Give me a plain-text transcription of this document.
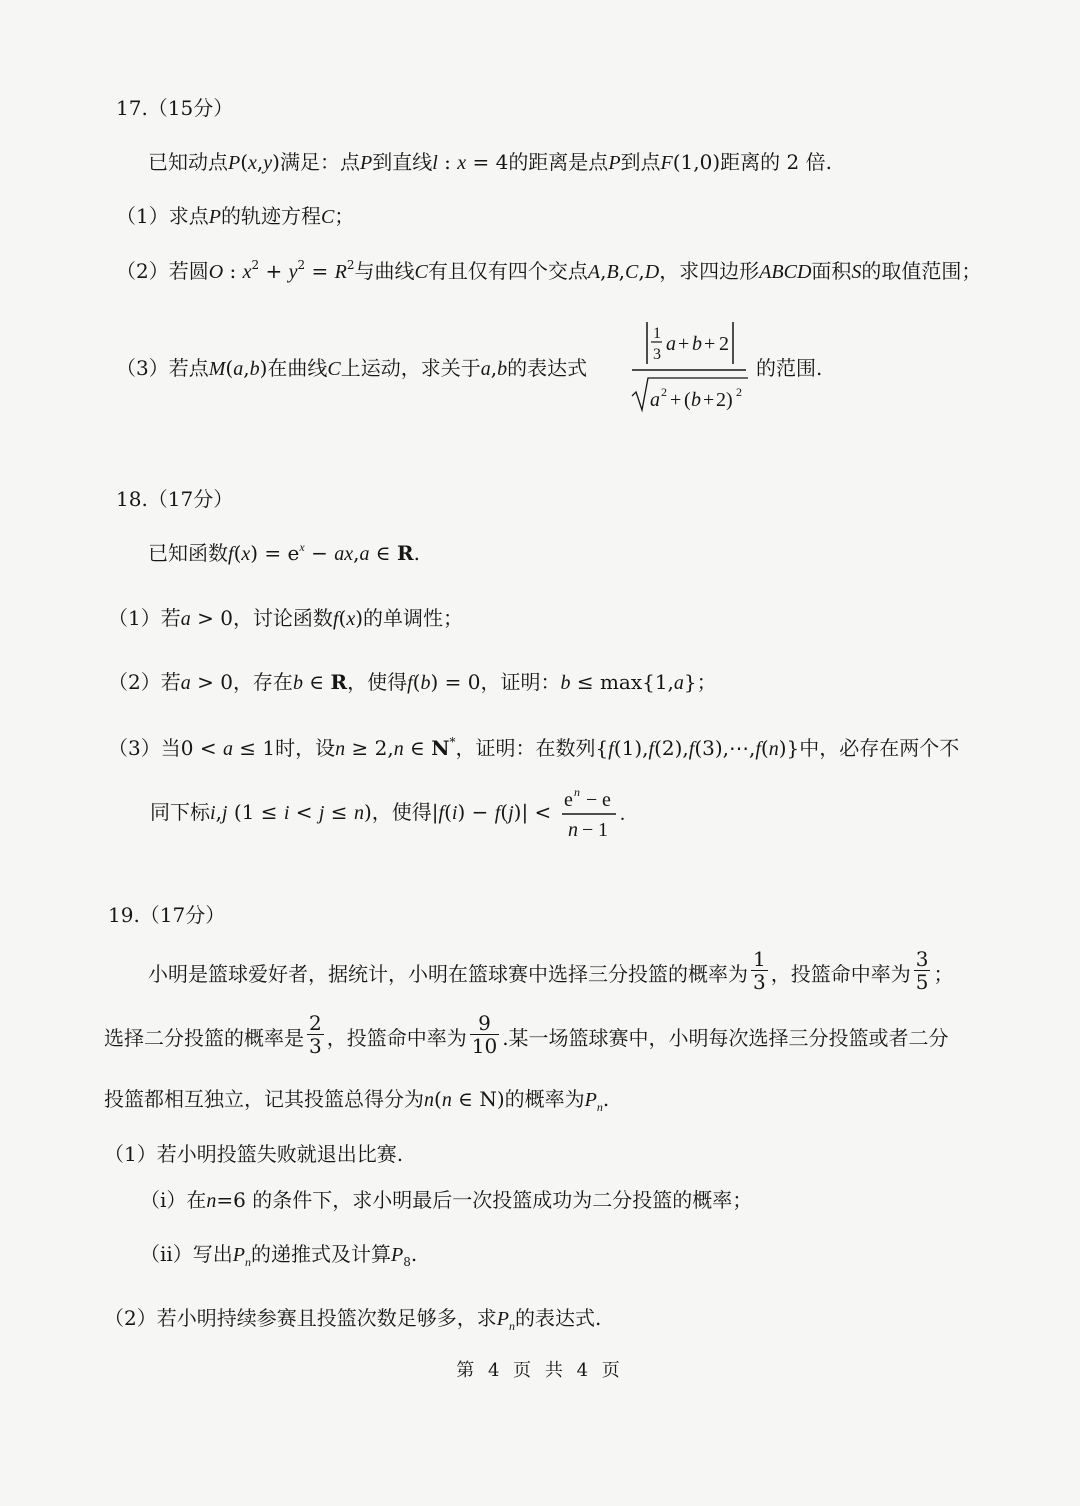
17.（15分）
已知动点P(x,y)满足：点P到直线l : x = 4的距离是点P到点F(1,0)距离的 2 倍.
（1）求点P的轨迹方程C；
（2）若圆O : $x^2 + y^2 = R^2$与曲线C有且仅有四个交点A,B,C,D，求四边形ABCD面积S的取值范围；
（3）若点M(a,b)在曲线C上运动，求关于a,b的表达式
1
3 a + b + 2
a 2 + ( b + 2) 2
的范围.
18.（17分）
已知函数$f(x) = e^x - ax,a$ ∈ R.
（1）若a > 0，讨论函数f(x)的单调性；
（2）若a > 0，存在b ∈ R，使得f(b) = 0，证明：b ≤ max{1,a}；
（3）当0 < a ≤ 1时，设n ≥ 2,n ∈ N*，证明：在数列{f(1),f(2),f(3),⋯,f(n)}中，必存在两个不
同下标i,j (1 ≤ i < j ≤ n)，使得|f(i) − f(j)| < e n − e
n − 1
.
19.（17分）
小明是篮球爱好者，据统计，小明在篮球赛中选择三分投篮的概率为 $\frac{1}{3}$ ，投篮命中率为 $\frac{3}{5}$ ；
选择二分投篮的概率是 $\frac{2}{3}$ ，投篮命中率为 $\frac{9}{10}$ .某一场篮球赛中，小明每次选择三分投篮或者二分
投篮都相互独立，记其投篮总得分为n(n ∈ N)的概率为$P_n$.
（1）若小明投篮失败就退出比赛.
（i）在n=6 的条件下，求小明最后一次投篮成功为二分投篮的概率；
（ii）写出$P_n$的递推式及计算$P_8$.
（2）若小明持续参赛且投篮次数足够多，求$P_n$的表达式.
第 4 页 共 4 页
